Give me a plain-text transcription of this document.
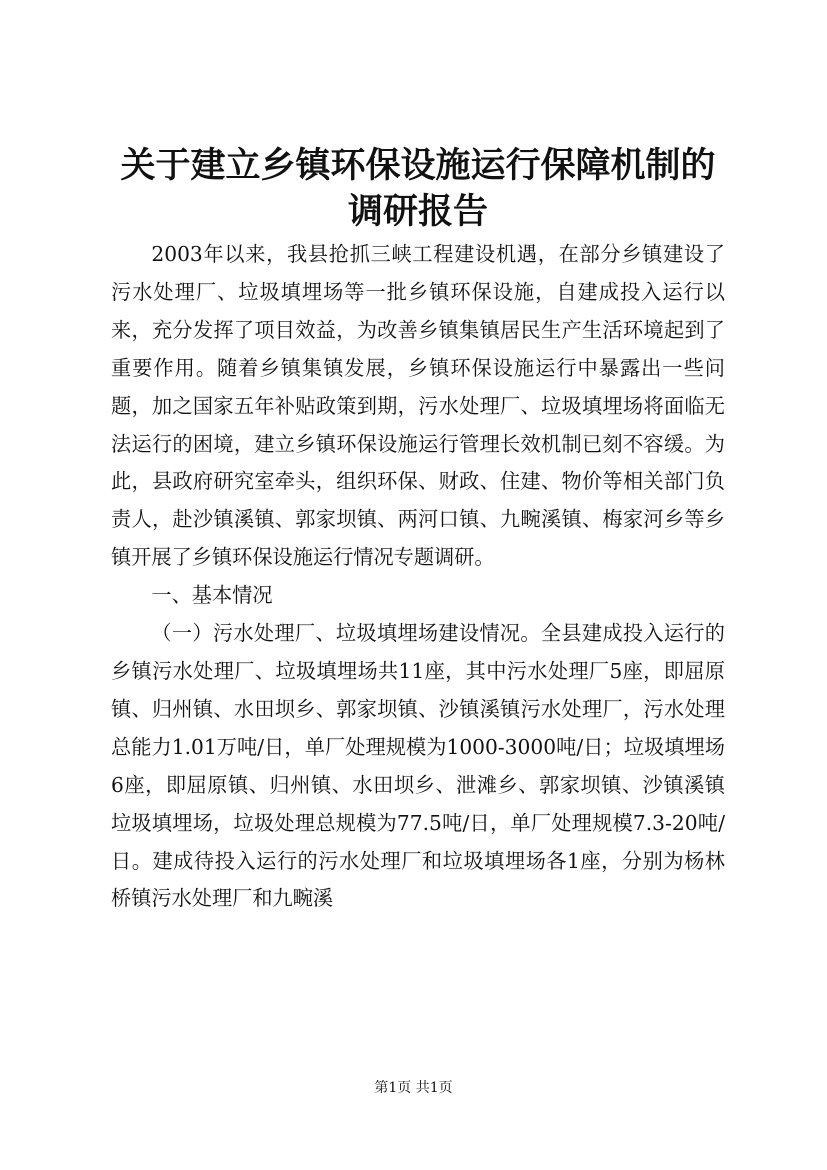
关于建立乡镇环保设施运行保障机制的调研报告

2003年以来，我县抢抓三峡工程建设机遇，在部分乡镇建设了污水处理厂、垃圾填埋场等一批乡镇环保设施，自建成投入运行以来，充分发挥了项目效益，为改善乡镇集镇居民生产生活环境起到了重要作用。随着乡镇集镇发展，乡镇环保设施运行中暴露出一些问题，加之国家五年补贴政策到期，污水处理厂、垃圾填埋场将面临无法运行的困境，建立乡镇环保设施运行管理长效机制已刻不容缓。为此，县政府研究室牵头，组织环保、财政、住建、物价等相关部门负责人，赴沙镇溪镇、郭家坝镇、两河口镇、九畹溪镇、梅家河乡等乡镇开展了乡镇环保设施运行情况专题调研。

一、基本情况

（一）污水处理厂、垃圾填埋场建设情况。全县建成投入运行的乡镇污水处理厂、垃圾填埋场共11座，其中污水处理厂5座，即屈原镇、归州镇、水田坝乡、郭家坝镇、沙镇溪镇污水处理厂，污水处理总能力1.01万吨/日，单厂处理规模为1000-3000吨/日；垃圾填埋场6座，即屈原镇、归州镇、水田坝乡、泄滩乡、郭家坝镇、沙镇溪镇垃圾填埋场，垃圾处理总规模为77.5吨/日，单厂处理规模7.3-20吨/日。建成待投入运行的污水处理厂和垃圾填埋场各1座，分别为杨林桥镇污水处理厂和九畹溪

第1页 共1页
